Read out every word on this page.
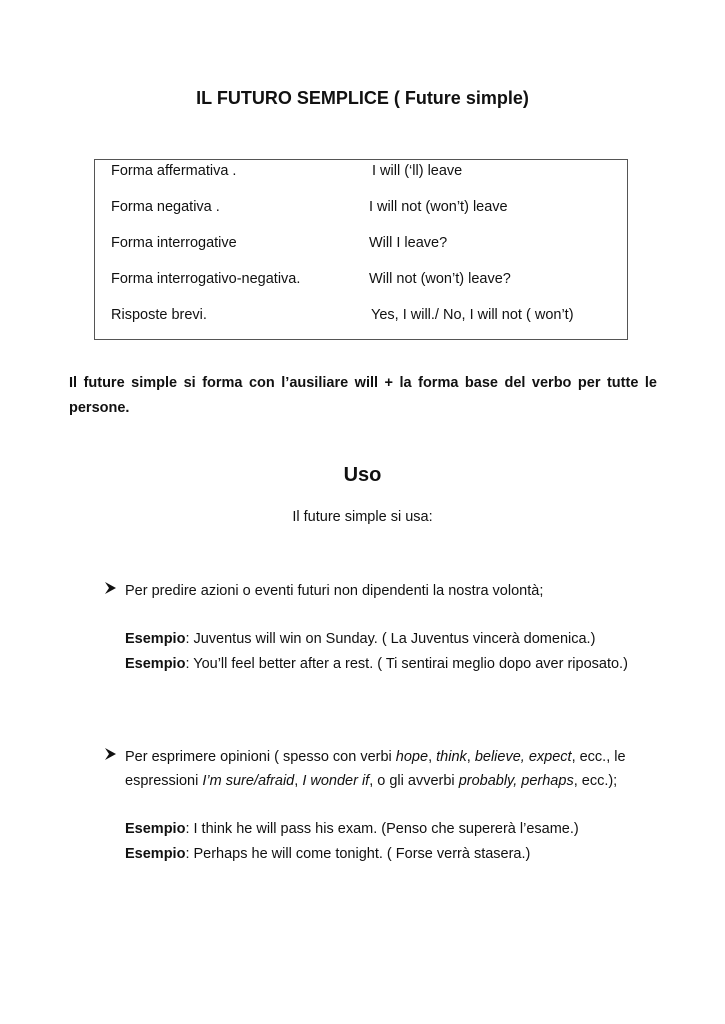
IL FUTURO SEMPLICE ( Future simple)
Forma affermativa .	I will (‘ll) leave
Forma negativa .	I will not (won’t) leave
Forma interrogative	Will I leave?
Forma interrogativo-negativa.	Will not (won’t) leave?
Risposte brevi.	Yes, I will./ No, I will not ( won’t)
Il future simple si forma con l’ausiliare will + la forma base del verbo per tutte le persone.
Uso
Il future simple si usa:
Per predire azioni o eventi futuri non dipendenti la nostra volontà;
Esempio: Juventus will win on Sunday. ( La Juventus vincerà domenica.)
Esempio: You’ll feel better after a rest. ( Ti sentirai meglio dopo aver riposato.)
Per esprimere opinioni ( spesso con verbi hope, think, believe, expect, ecc., le espressioni I’m sure/afraid, I wonder if, o gli avverbi probably, perhaps, ecc.);
Esempio: I think he will pass his exam. (Penso che supererà l’esame.)
Esempio: Perhaps he will come tonight. ( Forse verrà stasera.)
